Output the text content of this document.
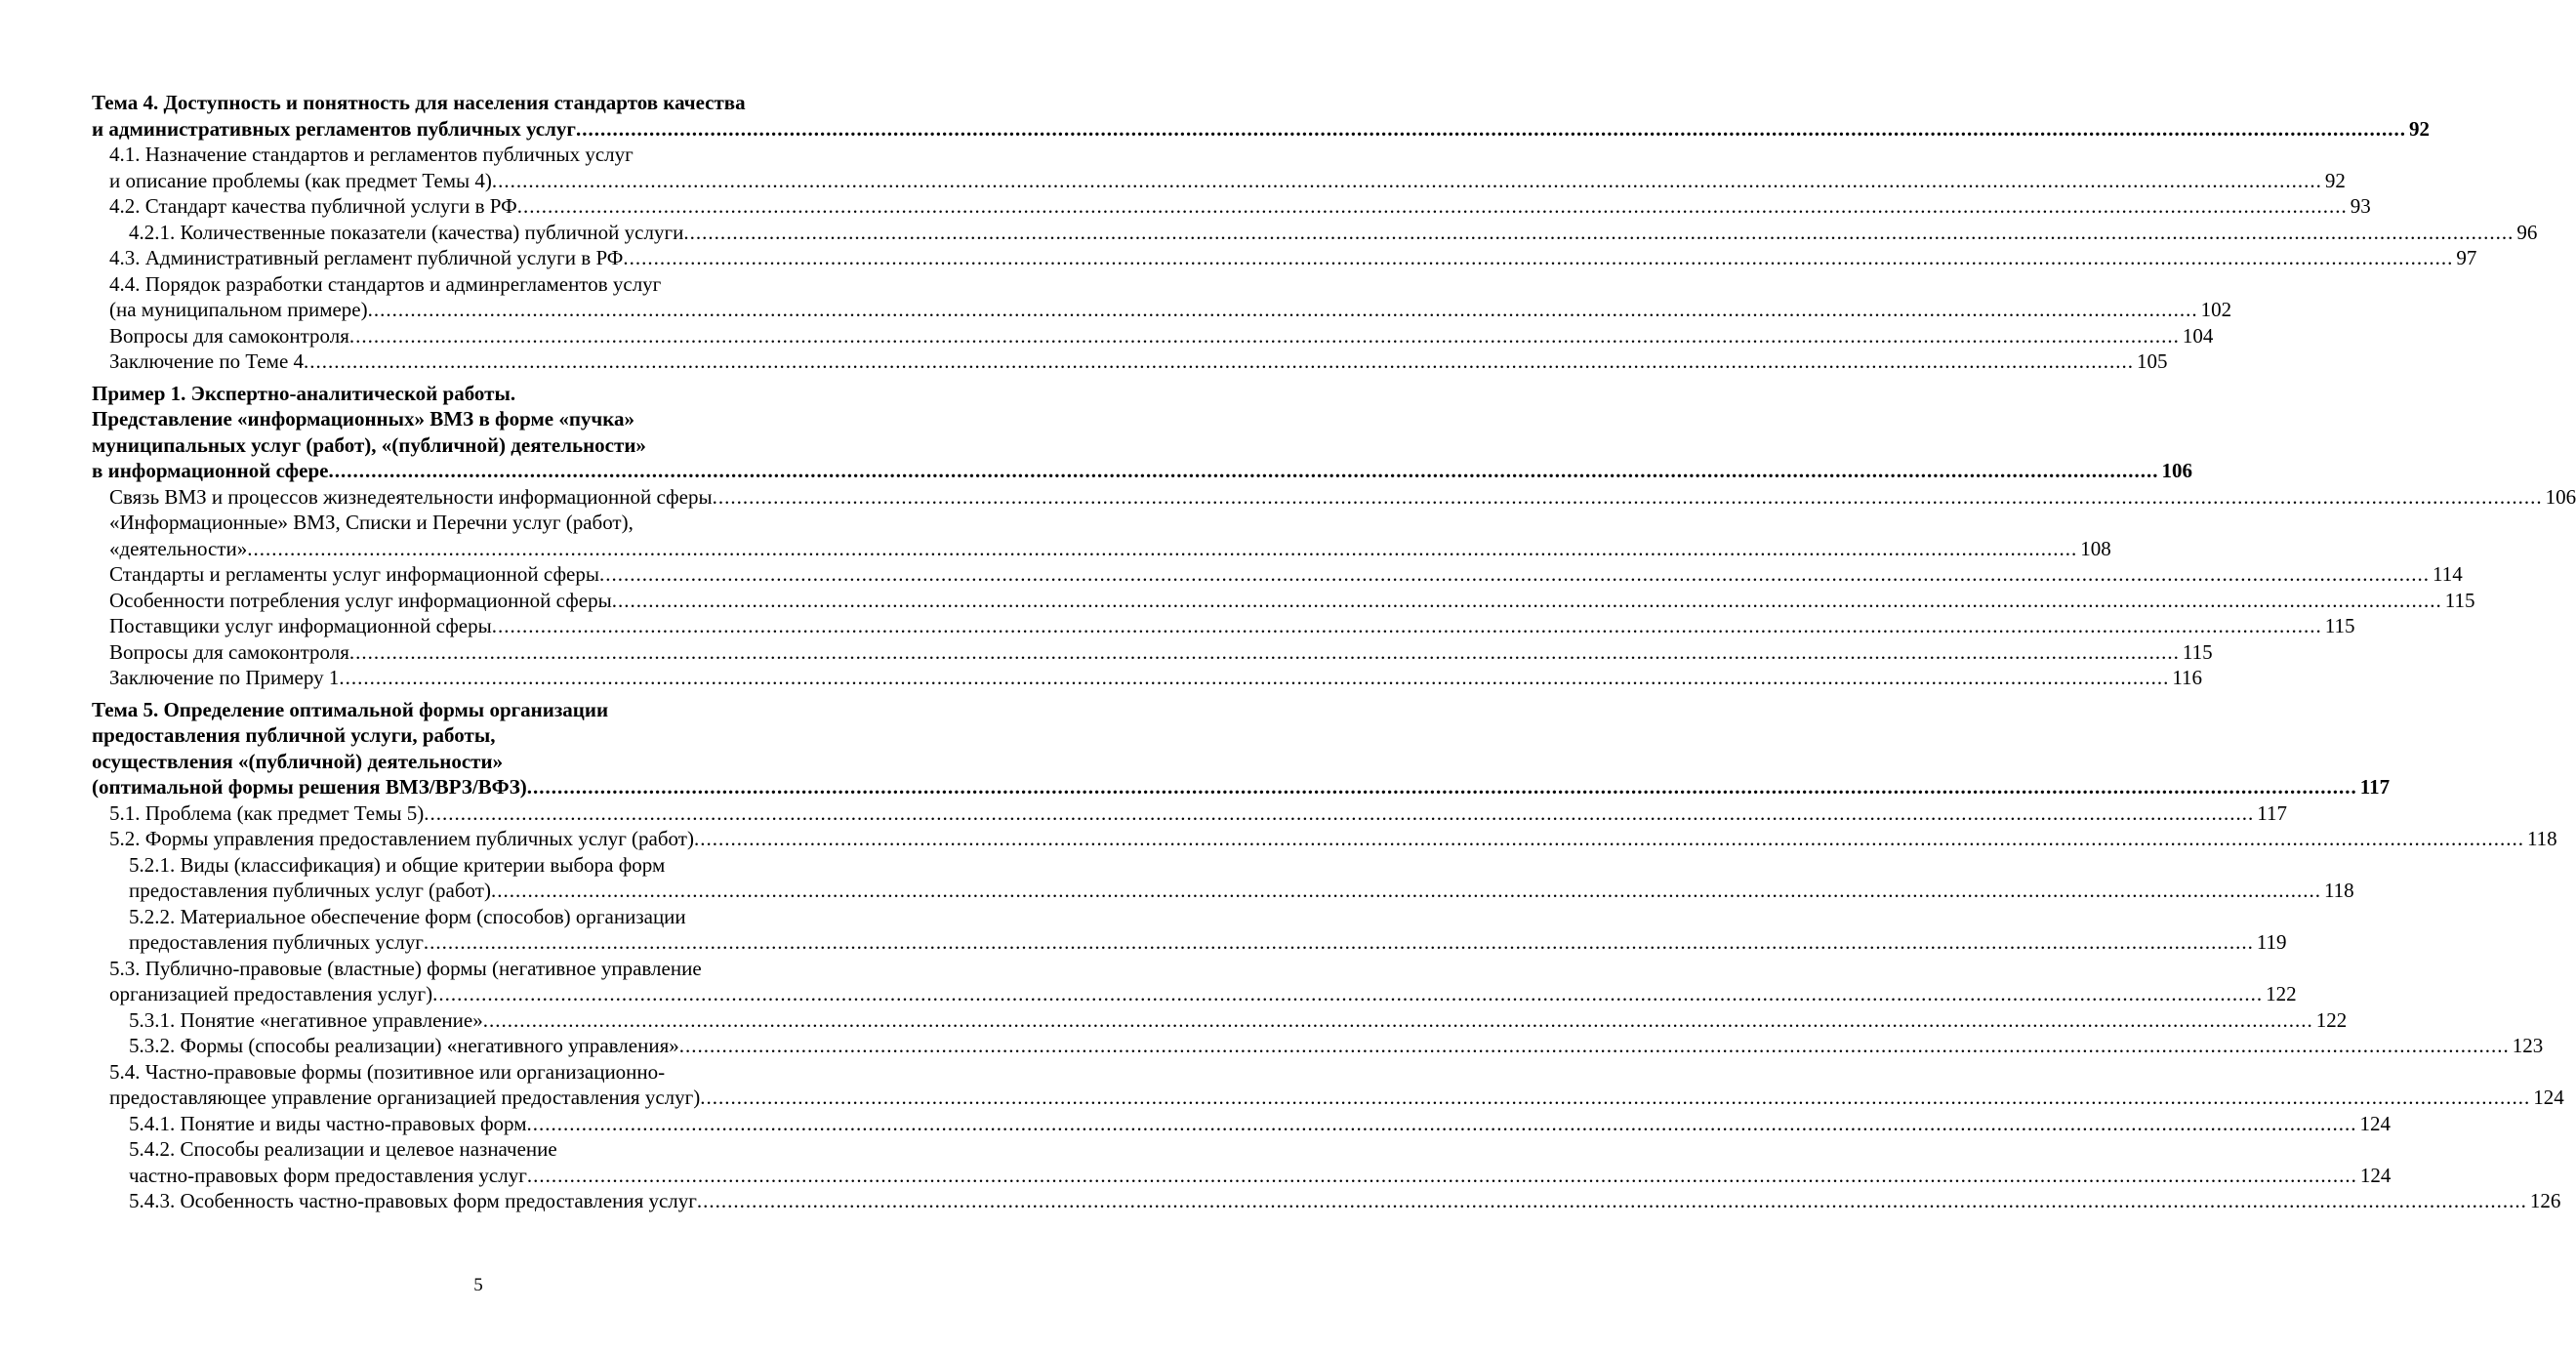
Тема 4. Доступность и понятность для населения стандартов качества
и административных регламентов публичных услуг ............................................................................................................................................................................................................................................................................................................ 92
4.1. Назначение стандартов и регламентов публичных услуг
и описание проблемы (как предмет Темы 4) ............................................................................................................................................................................................................................................................................................................ 92
4.2. Стандарт качества публичной услуги в РФ ............................................................................................................................................................................................................................................................................................................ 93
4.2.1. Количественные показатели (качества) публичной услуги ............................................................................................................................................................................................................................................................................................................ 96
4.3. Административный регламент публичной услуги в РФ ............................................................................................................................................................................................................................................................................................................ 97
4.4. Порядок разработки стандартов и админрегламентов услуг
(на муниципальном примере) ............................................................................................................................................................................................................................................................................................................ 102
Вопросы для самоконтроля ............................................................................................................................................................................................................................................................................................................ 104
Заключение по Теме 4 ............................................................................................................................................................................................................................................................................................................ 105
Пример 1. Экспертно-аналитической работы.
Представление «информационных» ВМЗ в форме «пучка»
муниципальных услуг (работ), «(публичной) деятельности»
в информационной сфере ............................................................................................................................................................................................................................................................................................................ 106
Связь ВМЗ и процессов жизнедеятельности информационной сферы ............................................................................................................................................................................................................................................................................................................ 106
«Информационные» ВМЗ, Списки и Перечни услуг (работ),
«деятельности» ............................................................................................................................................................................................................................................................................................................ 108
Стандарты и регламенты услуг информационной сферы ............................................................................................................................................................................................................................................................................................................ 114
Особенности потребления услуг информационной сферы ............................................................................................................................................................................................................................................................................................................ 115
Поставщики услуг информационной сферы ............................................................................................................................................................................................................................................................................................................ 115
Вопросы для самоконтроля ............................................................................................................................................................................................................................................................................................................ 115
Заключение по Примеру 1 ............................................................................................................................................................................................................................................................................................................ 116
Тема 5. Определение оптимальной формы организации
предоставления публичной услуги, работы,
осуществления «(публичной) деятельности»
(оптимальной формы решения ВМЗ/ВРЗ/ВФЗ) ............................................................................................................................................................................................................................................................................................................ 117
5.1. Проблема (как предмет Темы 5) ............................................................................................................................................................................................................................................................................................................ 117
5.2. Формы управления предоставлением публичных услуг (работ) ............................................................................................................................................................................................................................................................................................................ 118
5.2.1. Виды (классификация) и общие критерии выбора форм
предоставления публичных услуг (работ) ............................................................................................................................................................................................................................................................................................................ 118
5.2.2. Материальное обеспечение форм (способов) организации
предоставления публичных услуг ............................................................................................................................................................................................................................................................................................................ 119
5.3. Публично-правовые (властные) формы (негативное управление
организацией предоставления услуг) ............................................................................................................................................................................................................................................................................................................ 122
5.3.1. Понятие «негативное управление» ............................................................................................................................................................................................................................................................................................................ 122
5.3.2. Формы (способы реализации) «негативного управления» ............................................................................................................................................................................................................................................................................................................ 123
5.4. Частно-правовые формы (позитивное или организационно-
предоставляющее управление организацией предоставления услуг) ............................................................................................................................................................................................................................................................................................................ 124
5.4.1. Понятие и виды частно-правовых форм ............................................................................................................................................................................................................................................................................................................ 124
5.4.2. Способы реализации и целевое назначение
частно-правовых форм предоставления услуг ............................................................................................................................................................................................................................................................................................................ 124
5.4.3. Особенность частно-правовых форм предоставления услуг ............................................................................................................................................................................................................................................................................................................ 126
5
